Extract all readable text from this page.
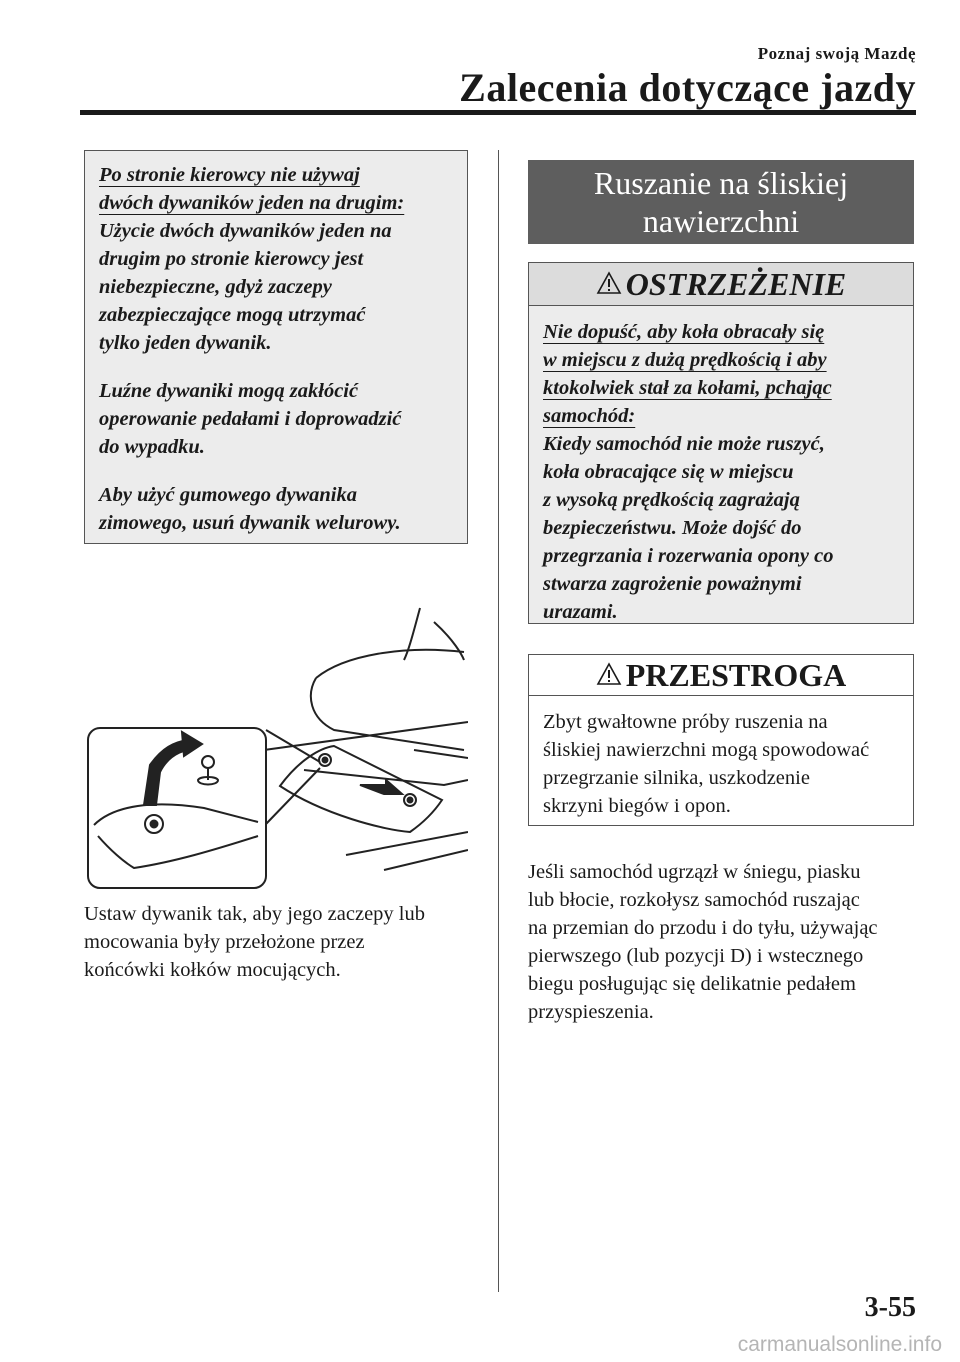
Poznaj swoją Mazdę
Zalecenia dotyczące jazdy
Po stronie kierowcy nie używaj
dwóch dywaników jeden na drugim:
Użycie dwóch dywaników jeden na
drugim po stronie kierowcy jest
niebezpieczne, gdyż zaczepy
zabezpieczające mogą utrzymać
tylko jeden dywanik.
Luźne dywaniki mogą zakłócić
operowanie pedałami i doprowadzić
do wypadku.
Aby użyć gumowego dywanika
zimowego, usuń dywanik welurowy.
Ustaw dywanik tak, aby jego zaczepy lub
mocowania były przełożone przez
końcówki kołków mocujących.
Ruszanie na śliskiej
nawierzchni
OSTRZEŻENIE
Nie dopuść, aby koła obracały się
w miejscu z dużą prędkością i aby
ktokolwiek stał za kołami, pchając
samochód:
Kiedy samochód nie może ruszyć,
koła obracające się w miejscu
z wysoką prędkością zagrażają
bezpieczeństwu. Może dojść do
przegrzania i rozerwania opony co
stwarza zagrożenie poważnymi
urazami.
PRZESTROGA
Zbyt gwałtowne próby ruszenia na
śliskiej nawierzchni mogą spowodować
przegrzanie silnika, uszkodzenie
skrzyni biegów i opon.
Jeśli samochód ugrzązł w śniegu, piasku
lub błocie, rozkołysz samochód ruszając
na przemian do przodu i do tyłu, używając
pierwszego (lub pozycji D) i wstecznego
biegu posługując się delikatnie pedałem
przyspieszenia.
3-55
carmanualsonline.info
